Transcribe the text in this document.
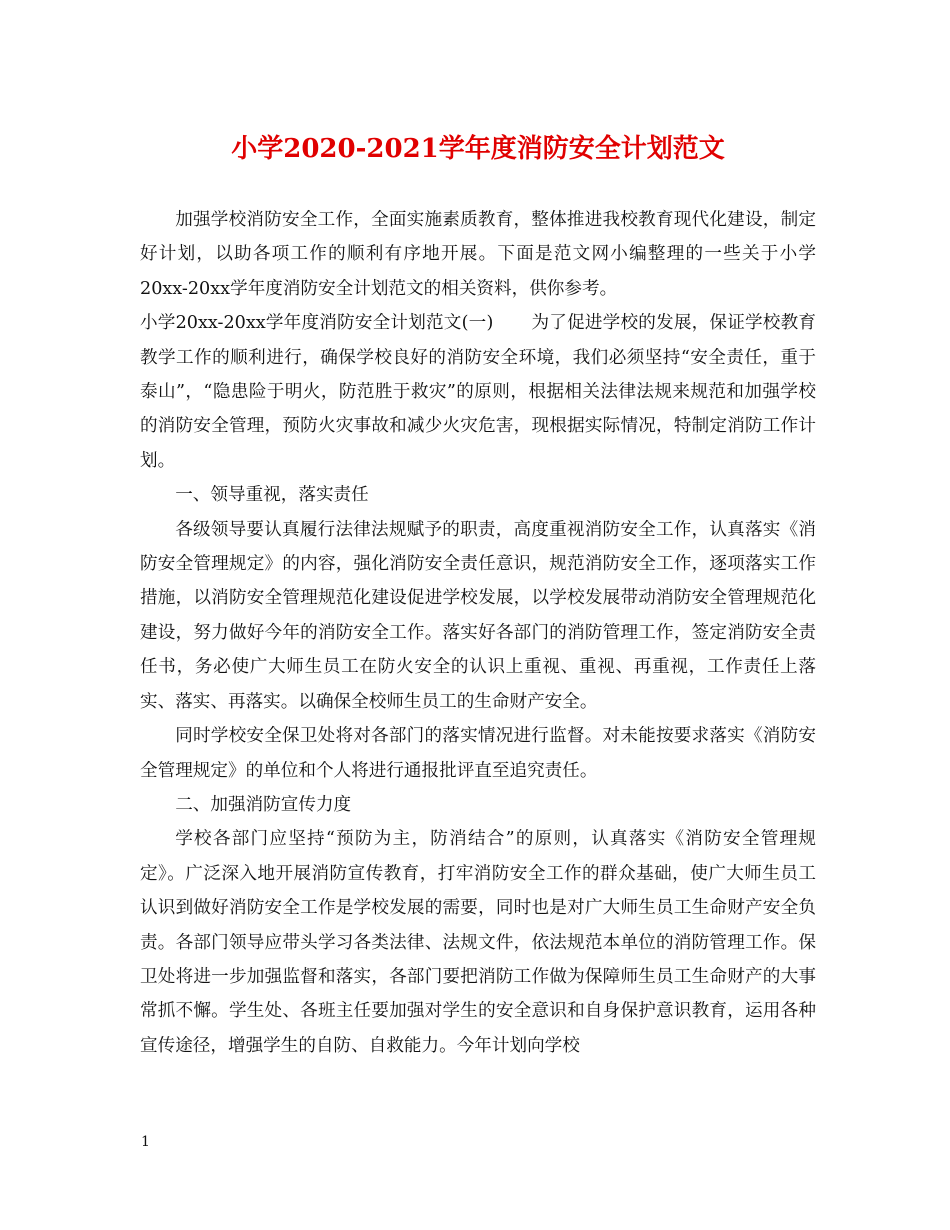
小学2020-2021学年度消防安全计划范文

加强学校消防安全工作，全面实施素质教育，整体推进我校教育现代化建设，制定好计划，以助各项工作的顺利有序地开展。下面是范文网小编整理的一些关于小学20xx-20xx学年度消防安全计划范文的相关资料，供你参考。

小学20xx-20xx学年度消防安全计划范文(一) 为了促进学校的发展，保证学校教育教学工作的顺利进行，确保学校良好的消防安全环境，我们必须坚持“安全责任，重于泰山”，“隐患险于明火，防范胜于救灾”的原则，根据相关法律法规来规范和加强学校的消防安全管理，预防火灾事故和减少火灾危害，现根据实际情况，特制定消防工作计划。

一、领导重视，落实责任

各级领导要认真履行法律法规赋予的职责，高度重视消防安全工作，认真落实《消防安全管理规定》的内容，强化消防安全责任意识，规范消防安全工作，逐项落实工作措施，以消防安全管理规范化建设促进学校发展，以学校发展带动消防安全管理规范化建设，努力做好今年的消防安全工作。落实好各部门的消防管理工作，签定消防安全责任书，务必使广大师生员工在防火安全的认识上重视、重视、再重视，工作责任上落实、落实、再落实。以确保全校师生员工的生命财产安全。

同时学校安全保卫处将对各部门的落实情况进行监督。对未能按要求落实《消防安全管理规定》的单位和个人将进行通报批评直至追究责任。

二、加强消防宣传力度

学校各部门应坚持“预防为主，防消结合”的原则，认真落实《消防安全管理规定》。广泛深入地开展消防宣传教育，打牢消防安全工作的群众基础，使广大师生员工认识到做好消防安全工作是学校发展的需要，同时也是对广大师生员工生命财产安全负责。各部门领导应带头学习各类法律、法规文件，依法规范本单位的消防管理工作。保卫处将进一步加强监督和落实，各部门要把消防工作做为保障师生员工生命财产的大事常抓不懈。学生处、各班主任要加强对学生的安全意识和自身保护意识教育，运用各种宣传途径，增强学生的自防、自救能力。今年计划向学校

1
